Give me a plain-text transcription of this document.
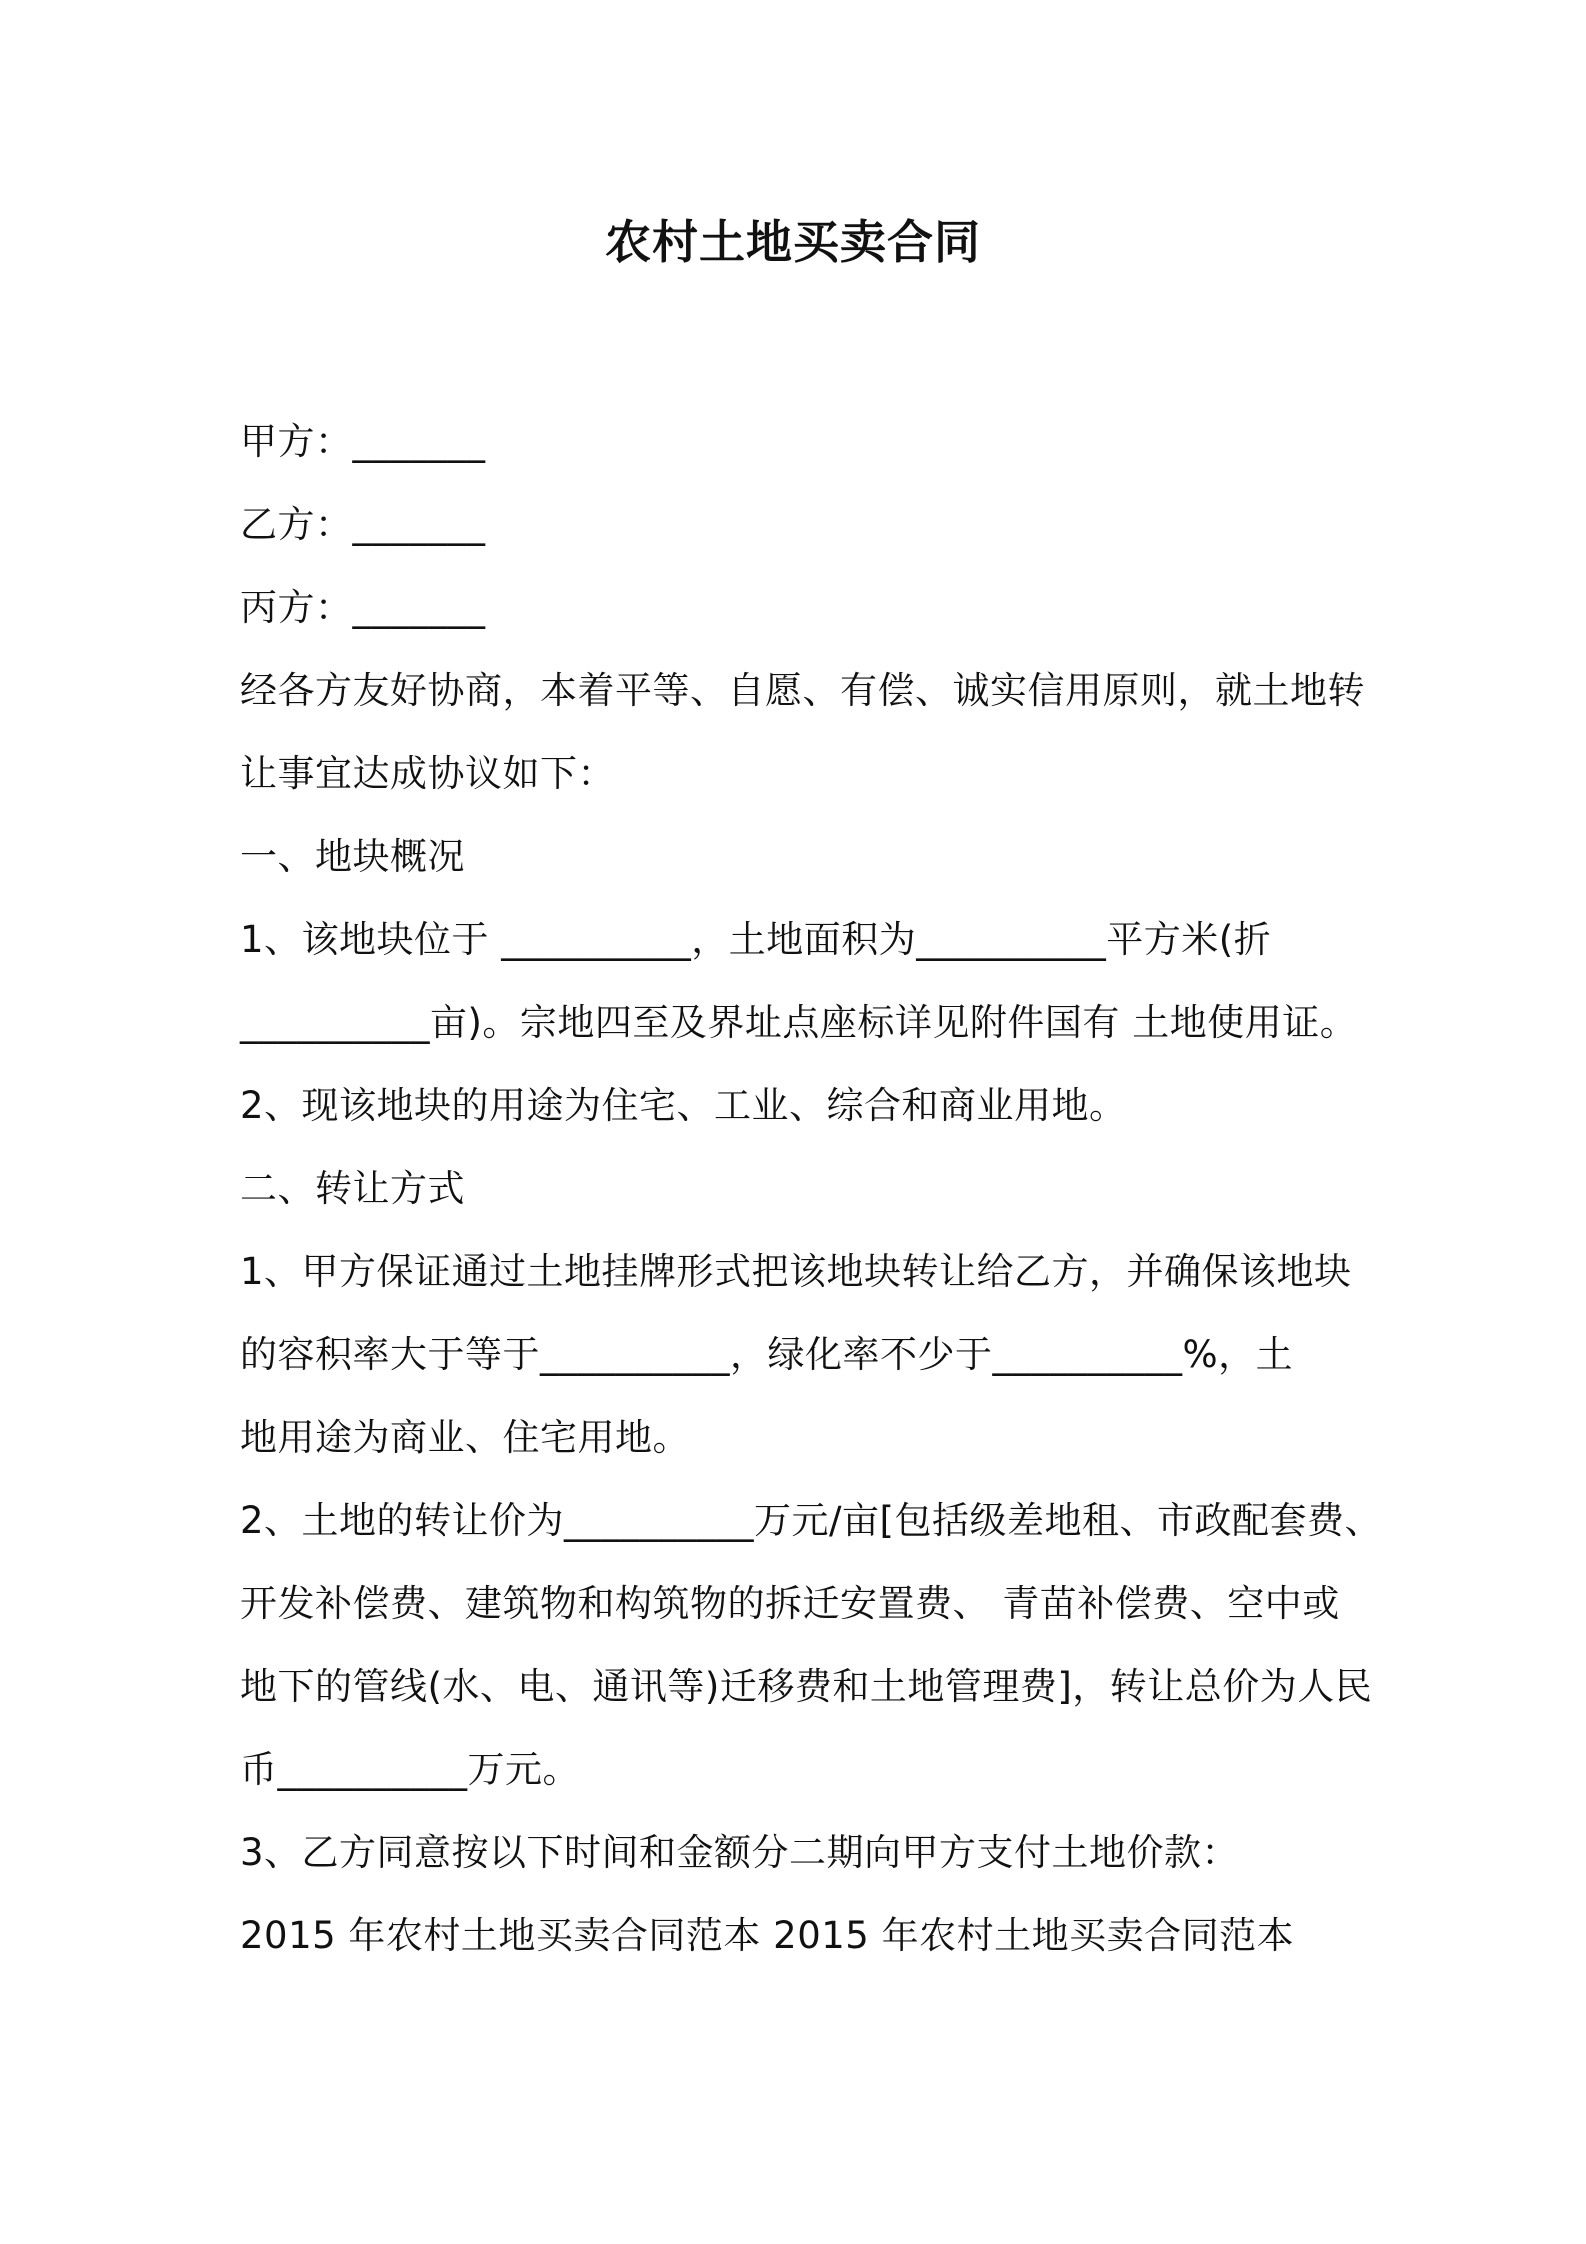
农村土地买卖合同
甲方：_______
乙方：_______
丙方：_______
经各方友好协商，本着平等、自愿、有偿、诚实信用原则，就土地转
让事宜达成协议如下：
一、地块概况
1、该地块位于 __________，土地面积为__________平方米(折
__________亩)。宗地四至及界址点座标详见附件国有 土地使用证。
2、现该地块的用途为住宅、工业、综合和商业用地。
二、转让方式
1、甲方保证通过土地挂牌形式把该地块转让给乙方，并确保该地块
的容积率大于等于__________，绿化率不少于__________%，土
地用途为商业、住宅用地。
2、土地的转让价为__________万元/亩[包括级差地租、市政配套费、
开发补偿费、建筑物和构筑物的拆迁安置费、 青苗补偿费、空中或
地下的管线(水、电、通讯等)迁移费和土地管理费]，转让总价为人民
币__________万元。
3、乙方同意按以下时间和金额分二期向甲方支付土地价款：
2015 年农村土地买卖合同范本 2015 年农村土地买卖合同范本
